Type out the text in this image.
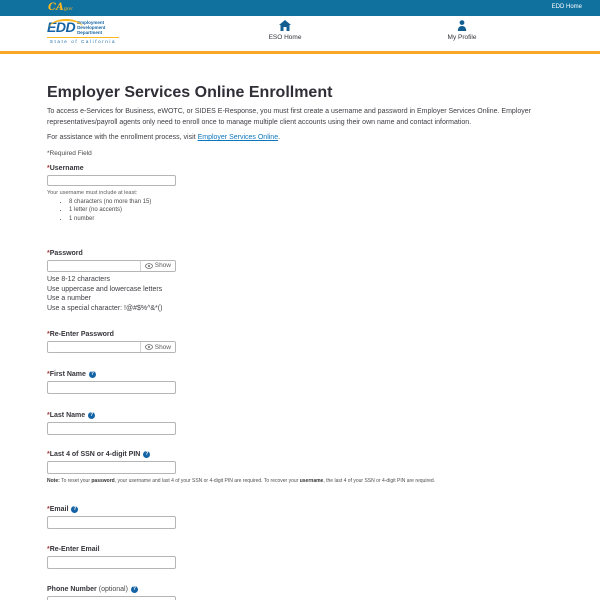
CAgov	EDD Home
EDD Employment
Development
Department
State of California
ESO Home	My Profile
Employer Services Online Enrollment

To access e-Services for Business, eWOTC, or SIDES E-Response, you must first create a username and password in Employer Services Online. Employer representatives/payroll agents only need to enroll once to manage multiple client accounts using their own name and contact information.

For assistance with the enrollment process, visit Employer Services Online.

*Required Field

*Username
Your username must include at least:
• 8 characters (no more than 15)
• 1 letter (no accents)
• 1 number
*Password
Show
Use 8-12 characters
Use uppercase and lowercase letters
Use a number
Use a special character: !@#$%^&*()
*Re-Enter Password
Show
*First Name ?
*Last Name ?
*Last 4 of SSN or 4-digit PIN ?

Note: To reset your password, your username and last 4 of your SSN or 4-digit PIN are required. To recover your username, the last 4 of your SSN or 4-digit PIN are required.

*Email ?
*Re-Enter Email
Phone Number (optional) ?
